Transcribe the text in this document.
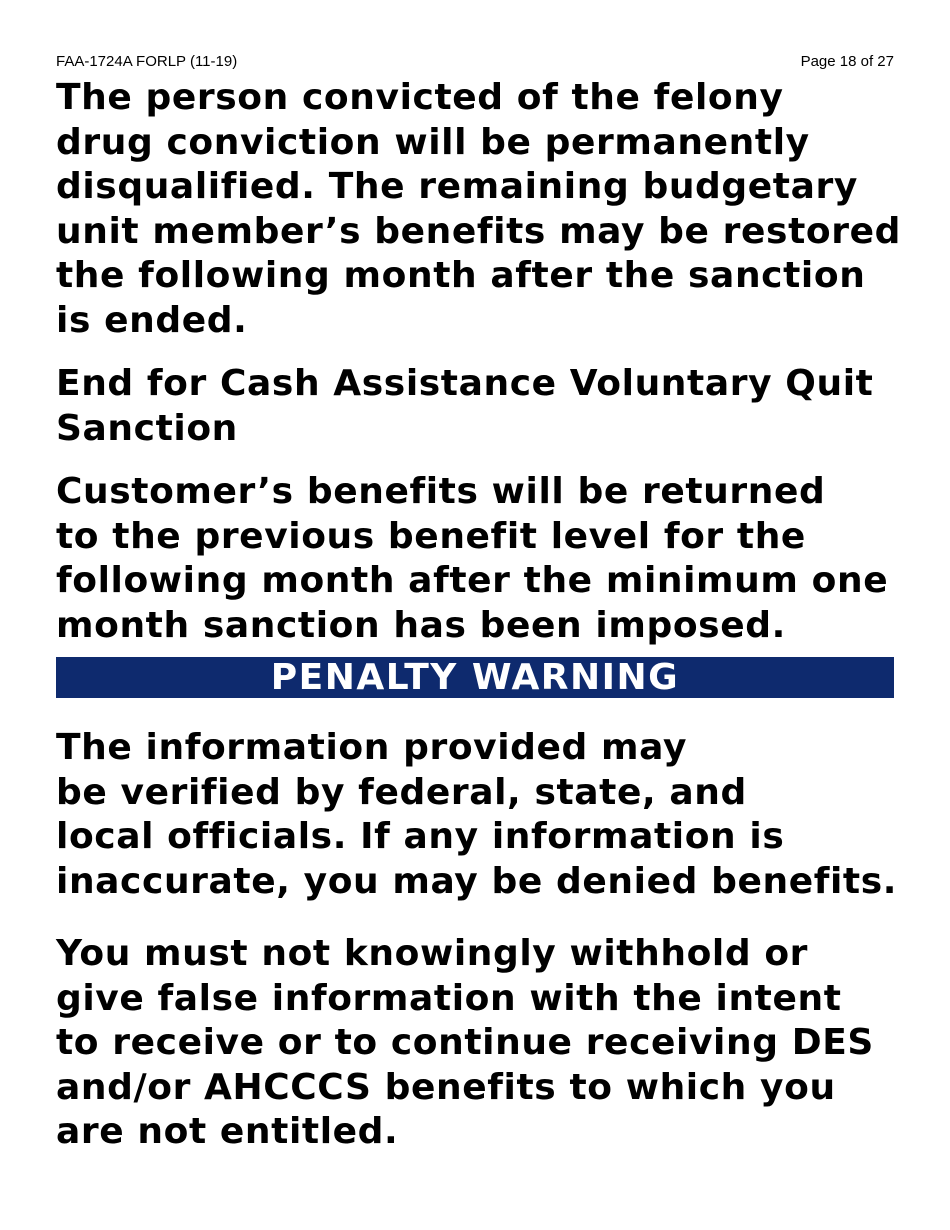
FAA-1724A FORLP (11-19)	Page 18 of 27

The person convicted of the felony
drug conviction will be permanently
disqualified. The remaining budgetary
unit member’s benefits may be restored
the following month after the sanction
is ended.

End for Cash Assistance Voluntary Quit
Sanction

Customer’s benefits will be returned
to the previous benefit level for the
following month after the minimum one
month sanction has been imposed.

PENALTY WARNING

The information provided may
be verified by federal, state, and
local officials. If any information is
inaccurate, you may be denied benefits.

You must not knowingly withhold or
give false information with the intent
to receive or to continue receiving DES
and/or AHCCCS benefits to which you
are not entitled.
